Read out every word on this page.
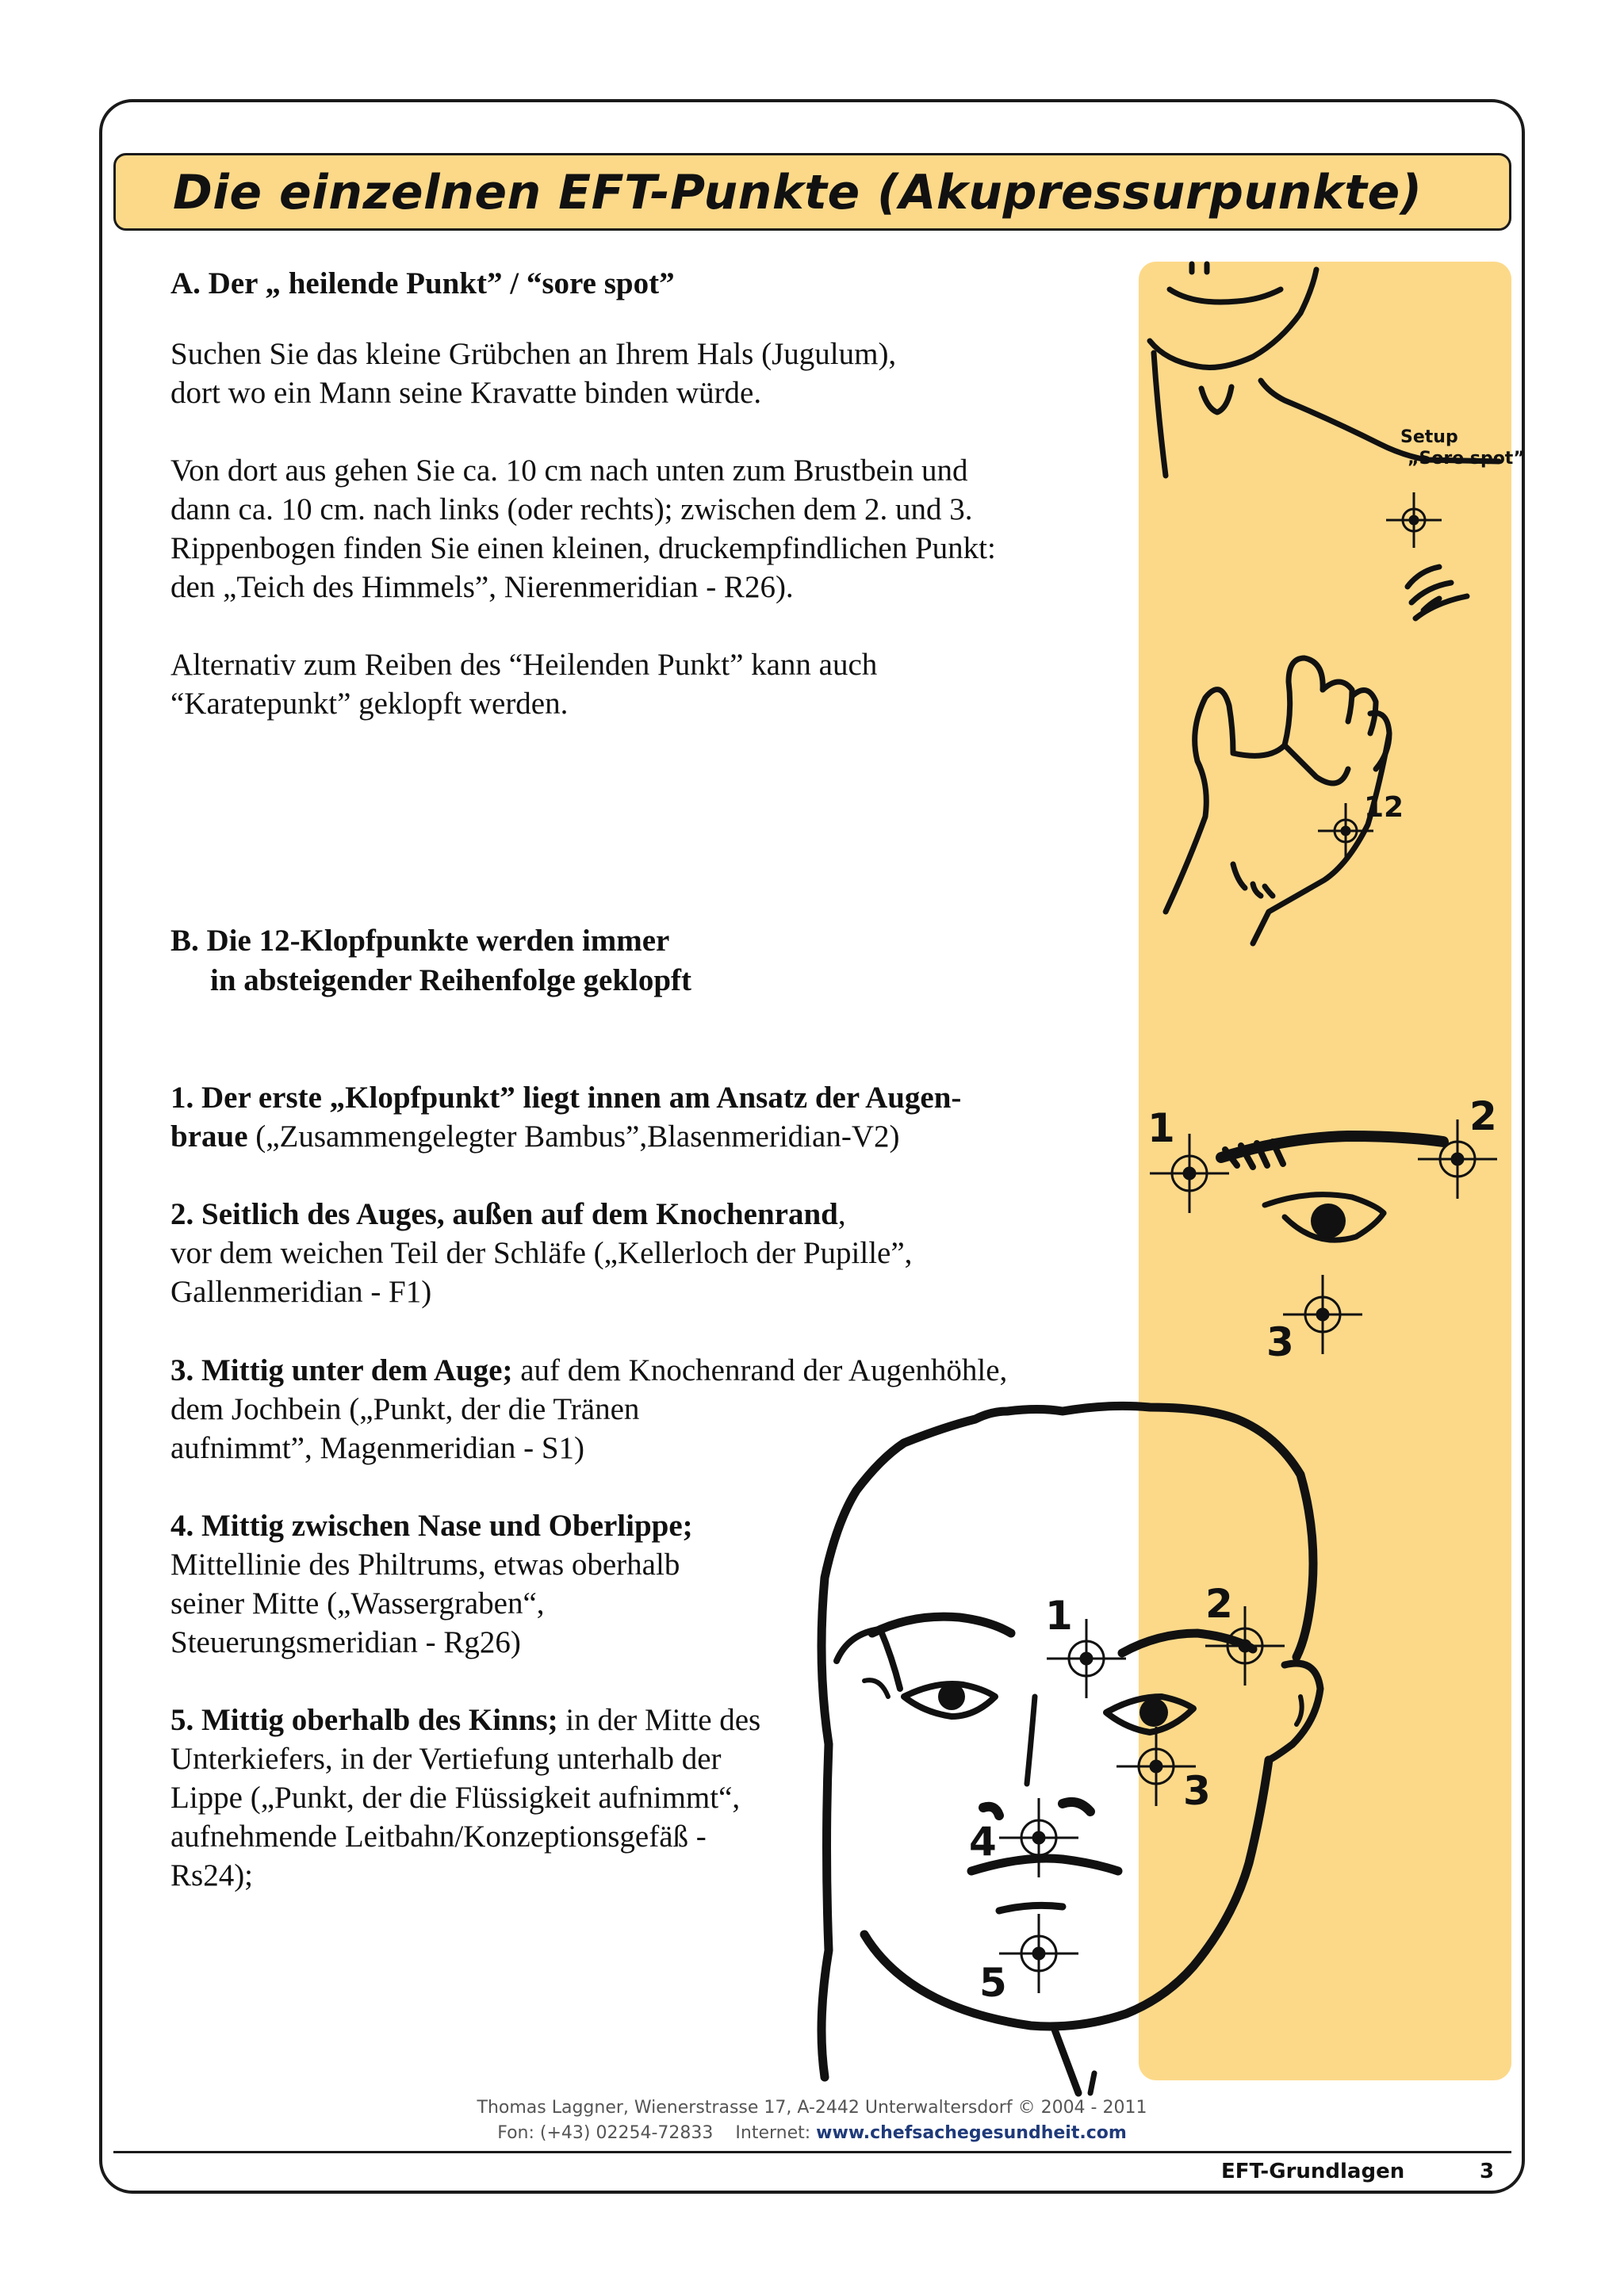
Die einzelnen EFT-Punkte (Akupressurpunkte)
Setup
„Sore spot”
12
1	2
3
1	2
3
4
5

A. Der „ heilende Punkt” / “sore spot”

Suchen Sie das kleine Grübchen an Ihrem Hals (Jugulum),

dort wo ein Mann seine Kravatte binden würde.

Von dort aus gehen Sie ca. 10 cm nach unten zum Brustbein und

dann ca. 10 cm. nach links (oder rechts); zwischen dem 2. und 3.

Rippenbogen finden Sie einen kleinen, druckempfindlichen Punkt:

den „Teich des Himmels”, Nierenmeridian - R26).

Alternativ zum Reiben des “Heilenden Punkt” kann auch

“Karatepunkt” geklopft werden.

B. Die 12-Klopfpunkte werden immer

in absteigender Reihenfolge geklopft

1. Der erste „Klopfpunkt” liegt innen am Ansatz der Augen-

braue („Zusammengelegter Bambus”,Blasenmeridian-V2)

2. Seitlich des Auges, außen auf dem Knochenrand,

vor dem weichen Teil der Schläfe („Kellerloch der Pupille”,

Gallenmeridian - F1)

3. Mittig unter dem Auge; auf dem Knochenrand der Augenhöhle,

dem Jochbein („Punkt, der die Tränen

aufnimmt”, Magenmeridian - S1)

4. Mittig zwischen Nase und Oberlippe;

Mittellinie des Philtrums, etwas oberhalb

seiner Mitte („Wassergraben“,

Steuerungsmeridian - Rg26)

5. Mittig oberhalb des Kinns; in der Mitte des

Unterkiefers, in der Vertiefung unterhalb der

Lippe („Punkt, der die Flüssigkeit aufnimmt“,

aufnehmende Leitbahn/Konzeptionsgefäß -

Rs24);

Thomas Laggner, Wienerstrasse 17, A-2442 Unterwaltersdorf © 2004 - 2011
Fon: (+43) 02254-72833 Internet: www.chefsachegesundheit.com
EFT-Grundlagen	3
